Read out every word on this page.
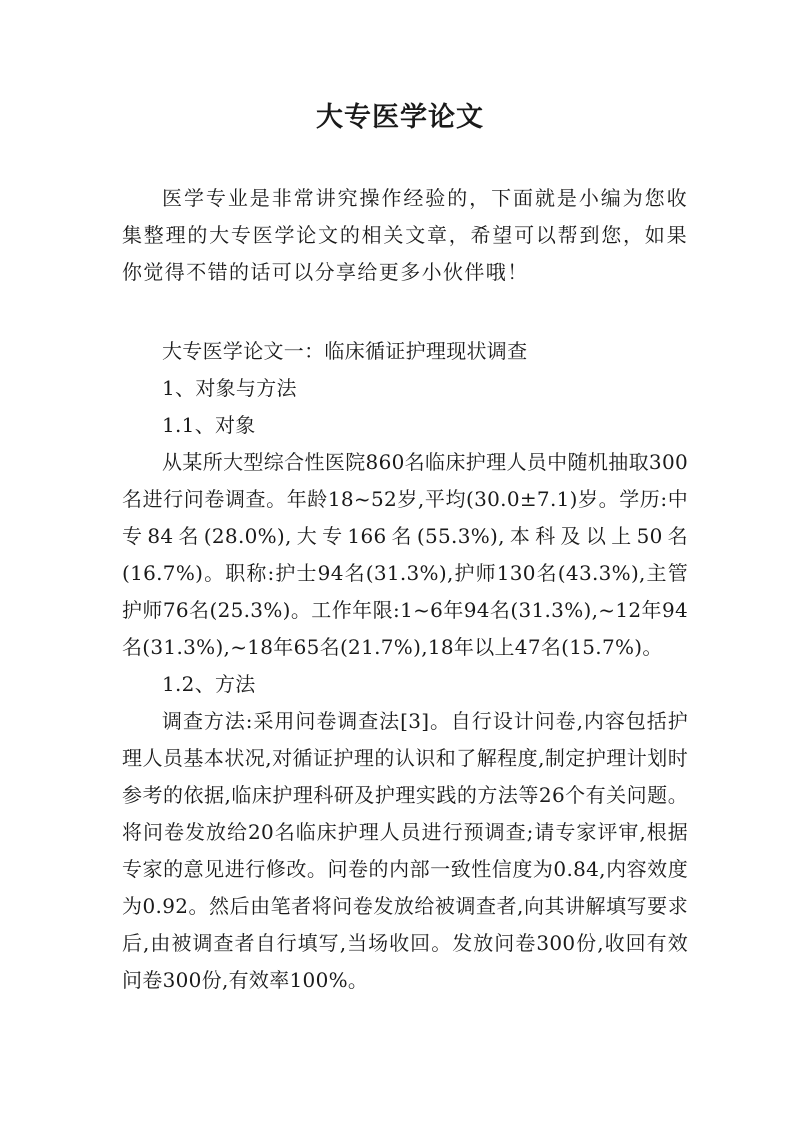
大专医学论文

医学专业是非常讲究操作经验的，下面就是小编为您收集整理的大专医学论文的相关文章，希望可以帮到您，如果你觉得不错的话可以分享给更多小伙伴哦！

大专医学论文一：临床循证护理现状调查

1、对象与方法

1.1、对象

从某所大型综合性医院860名临床护理人员中随机抽取300名进行问卷调查。年龄18~52岁,平均(30.0±7.1)岁。学历:中专84名(28.0%),大专166名(55.3%),本科及以上50名(16.7%)。职称:护士94名(31.3%),护师130名(43.3%),主管护师76名(25.3%)。工作年限:1~6年94名(31.3%),~12年94名(31.3%),~18年65名(21.7%),18年以上47名(15.7%)。

1.2、方法

调查方法:采用问卷调查法[3]。自行设计问卷,内容包括护理人员基本状况,对循证护理的认识和了解程度,制定护理计划时参考的依据,临床护理科研及护理实践的方法等26个有关问题。将问卷发放给20名临床护理人员进行预调查;请专家评审,根据专家的意见进行修改。问卷的内部一致性信度为0.84,内容效度为0.92。然后由笔者将问卷发放给被调查者,向其讲解填写要求后,由被调查者自行填写,当场收回。发放问卷300份,收回有效问卷300份,有效率100%。
